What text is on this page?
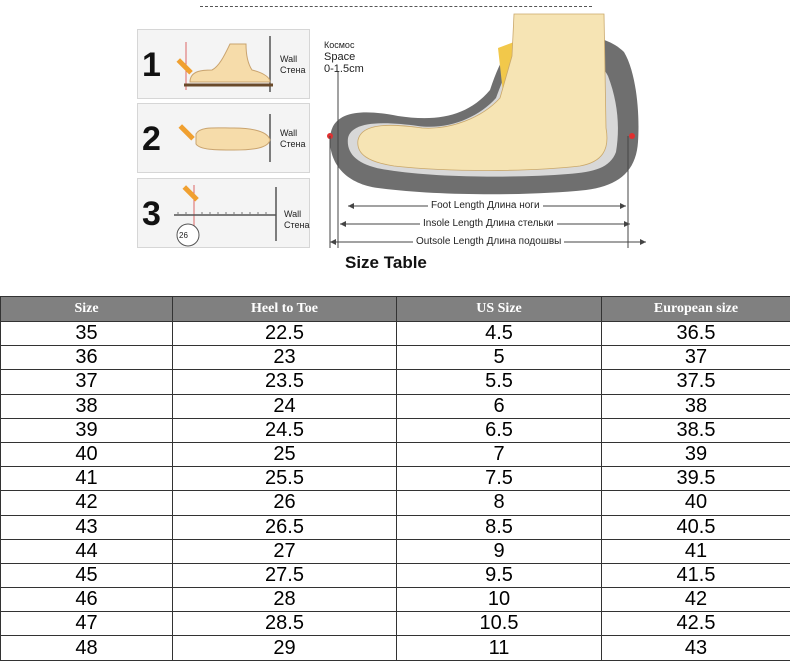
1	Wall
Стена
2	Wall
Стена
3	Wall
Стена
26
Космос
Space
0-1.5cm
Foot Length Длина ноги
Insole Length Длина стельки
Outsole Length Длина подошвы
Size Table
Size	Heel to Toe	US Size	European size
35	22.5	4.5	36.5
36	23	5	37
37	23.5	5.5	37.5
38	24	6	38
39	24.5	6.5	38.5
40	25	7	39
41	25.5	7.5	39.5
42	26	8	40
43	26.5	8.5	40.5
44	27	9	41
45	27.5	9.5	41.5
46	28	10	42
47	28.5	10.5	42.5
48	29	11	43
